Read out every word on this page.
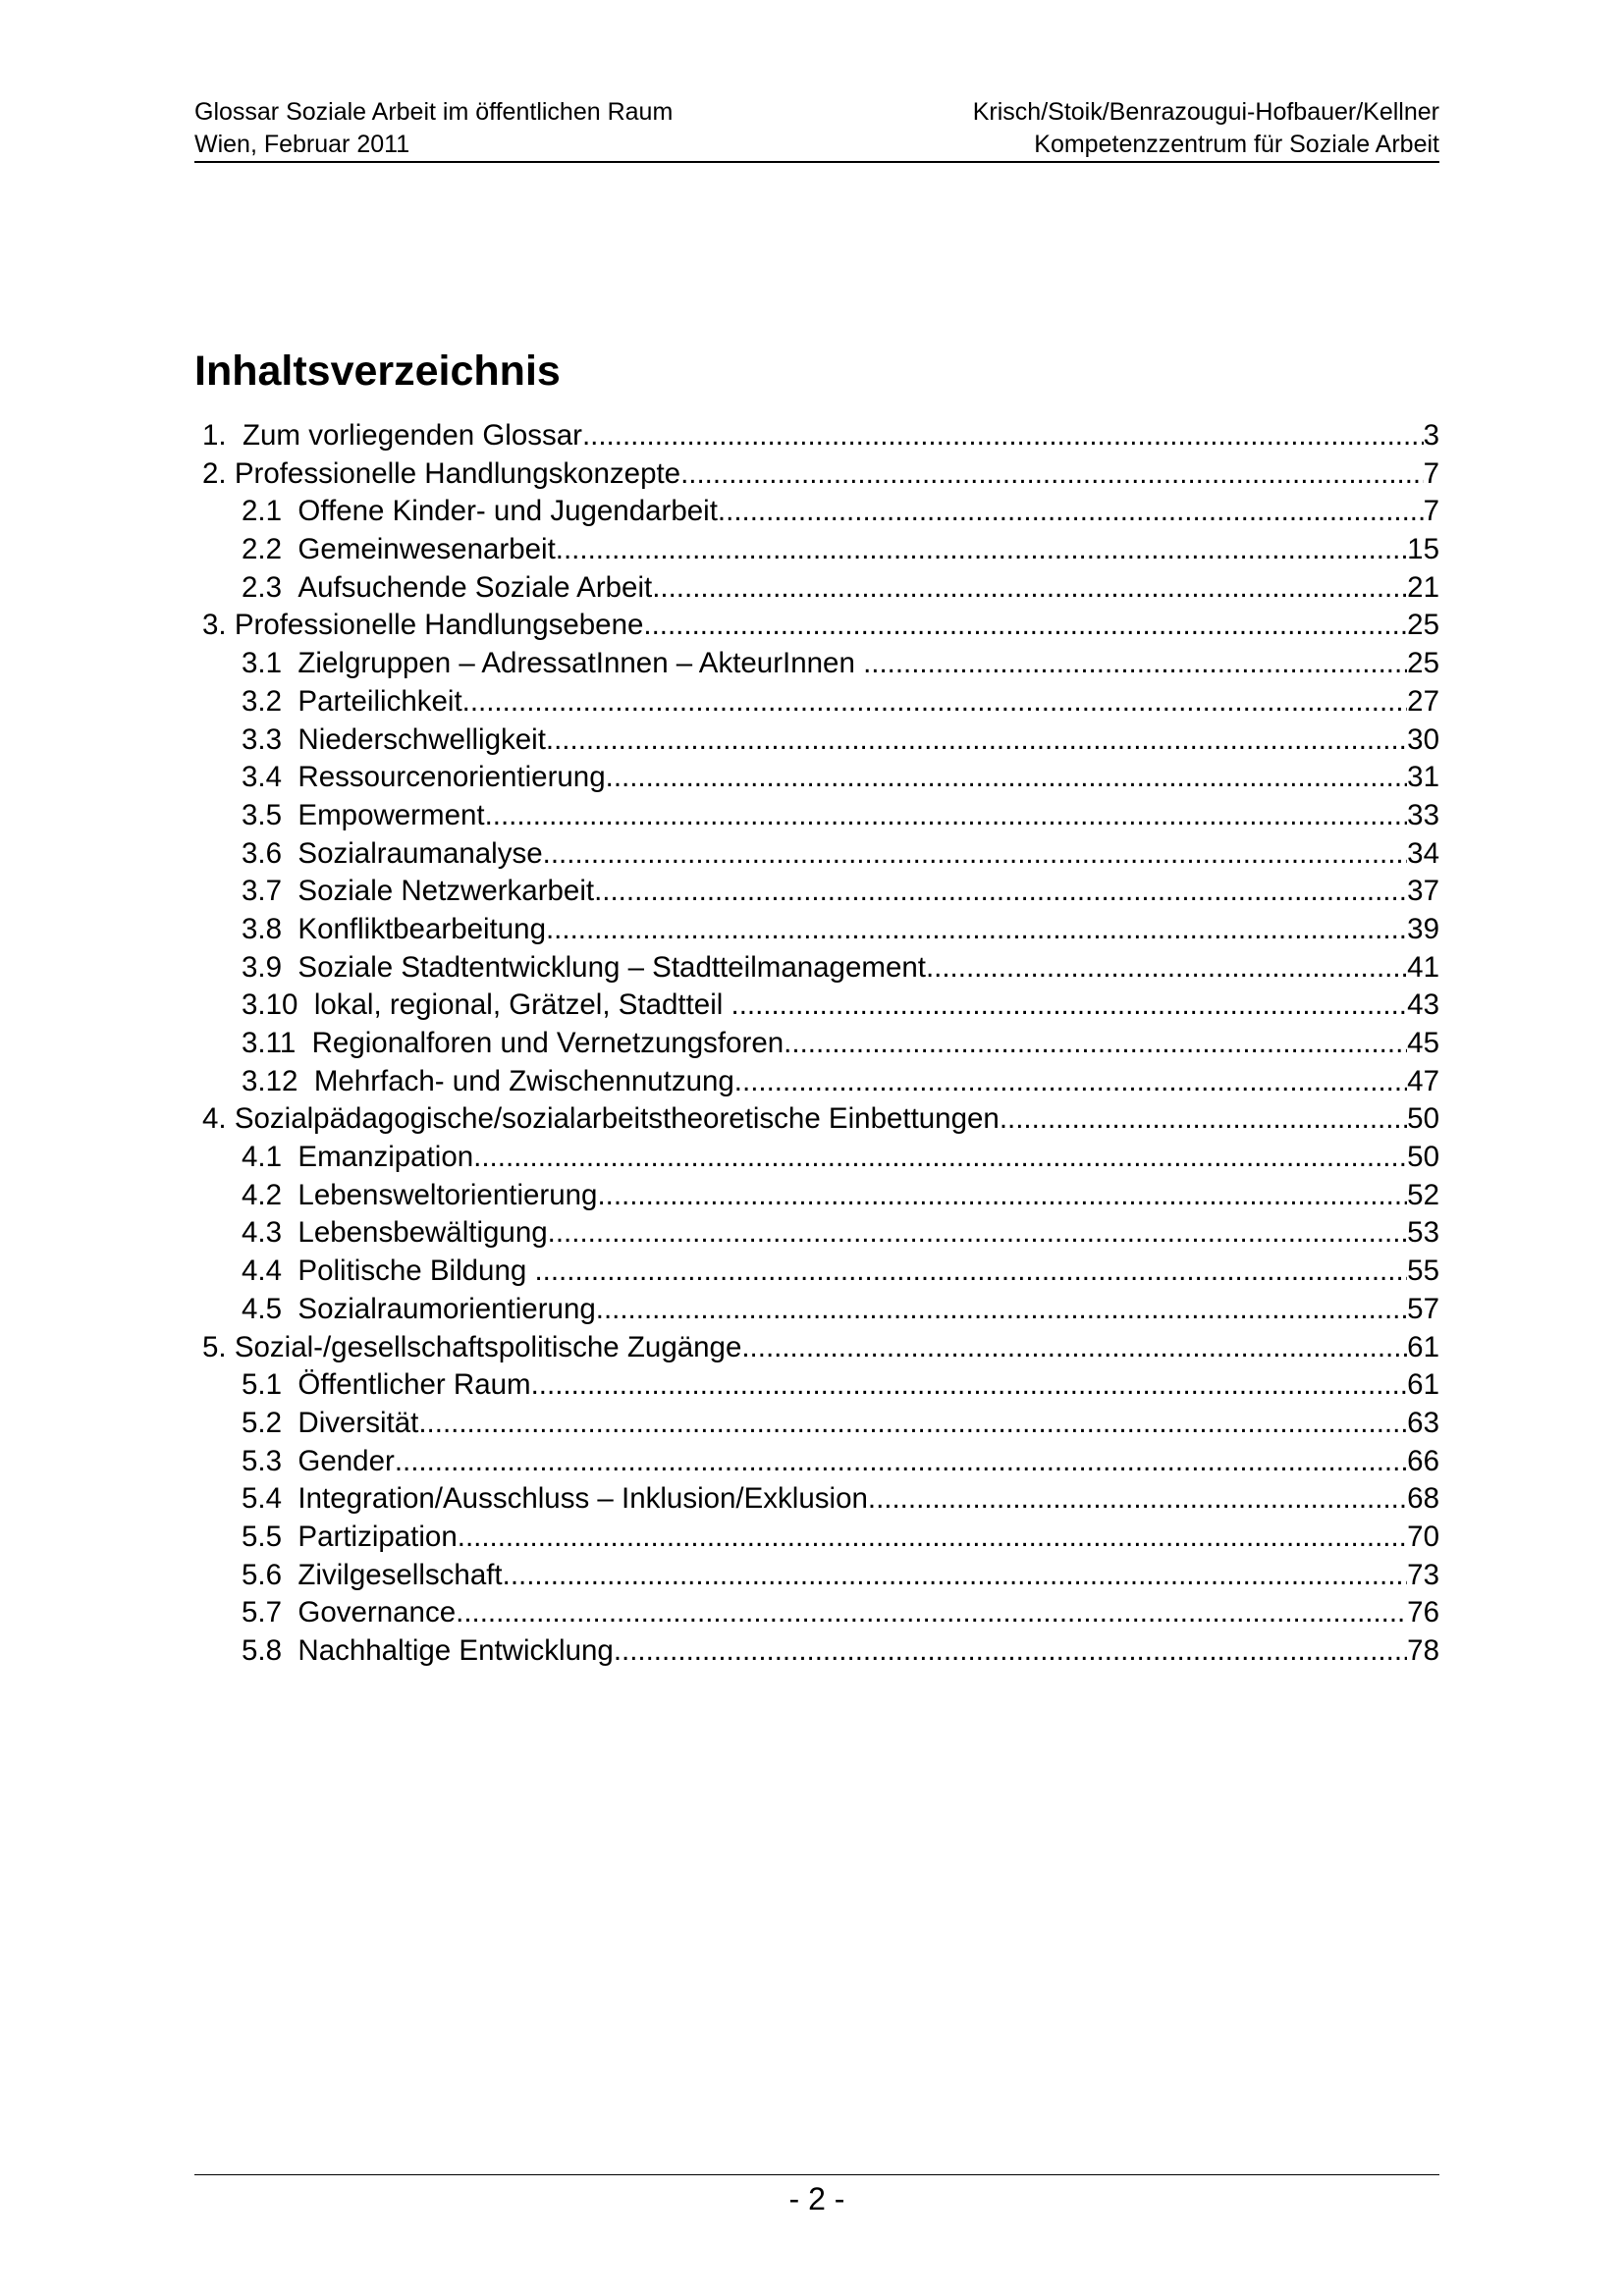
Glossar Soziale Arbeit im öffentlichen Raum
Wien, Februar 2011
Krisch/Stoik/Benrazougui-Hofbauer/Kellner
Kompetenzzentrum für Soziale Arbeit
Inhaltsverzeichnis
1. Zum vorliegenden Glossar .....	3
2. Professionelle Handlungskonzepte .....	7
2.1 Offene Kinder- und Jugendarbeit .....	7
2.2 Gemeinwesenarbeit .....	15
2.3 Aufsuchende Soziale Arbeit .....	21
3. Professionelle Handlungsebene .....	25
3.1 Zielgruppen – AdressatInnen – AkteurInnen .....	25
3.2 Parteilichkeit .....	27
3.3 Niederschwelligkeit .....	30
3.4 Ressourcenorientierung .....	31
3.5 Empowerment .....	33
3.6 Sozialraumanalyse .....	34
3.7 Soziale Netzwerkarbeit .....	37
3.8 Konfliktbearbeitung .....	39
3.9 Soziale Stadtentwicklung – Stadtteilmanagement .....	41
3.10 lokal, regional, Grätzel, Stadtteil .....	43
3.11 Regionalforen und Vernetzungsforen .....	45
3.12 Mehrfach- und Zwischennutzung .....	47
4. Sozialpädagogische/sozialarbeitstheoretische Einbettungen .....	50
4.1 Emanzipation .....	50
4.2 Lebensweltorientierung .....	52
4.3 Lebensbewältigung .....	53
4.4 Politische Bildung .....	55
4.5 Sozialraumorientierung .....	57
5. Sozial-/gesellschaftspolitische Zugänge .....	61
5.1 Öffentlicher Raum .....	61
5.2 Diversität .....	63
5.3 Gender .....	66
5.4 Integration/Ausschluss – Inklusion/Exklusion .....	68
5.5 Partizipation .....	70
5.6 Zivilgesellschaft .....	73
5.7 Governance .....	76
5.8 Nachhaltige Entwicklung .....	78
- 2 -
